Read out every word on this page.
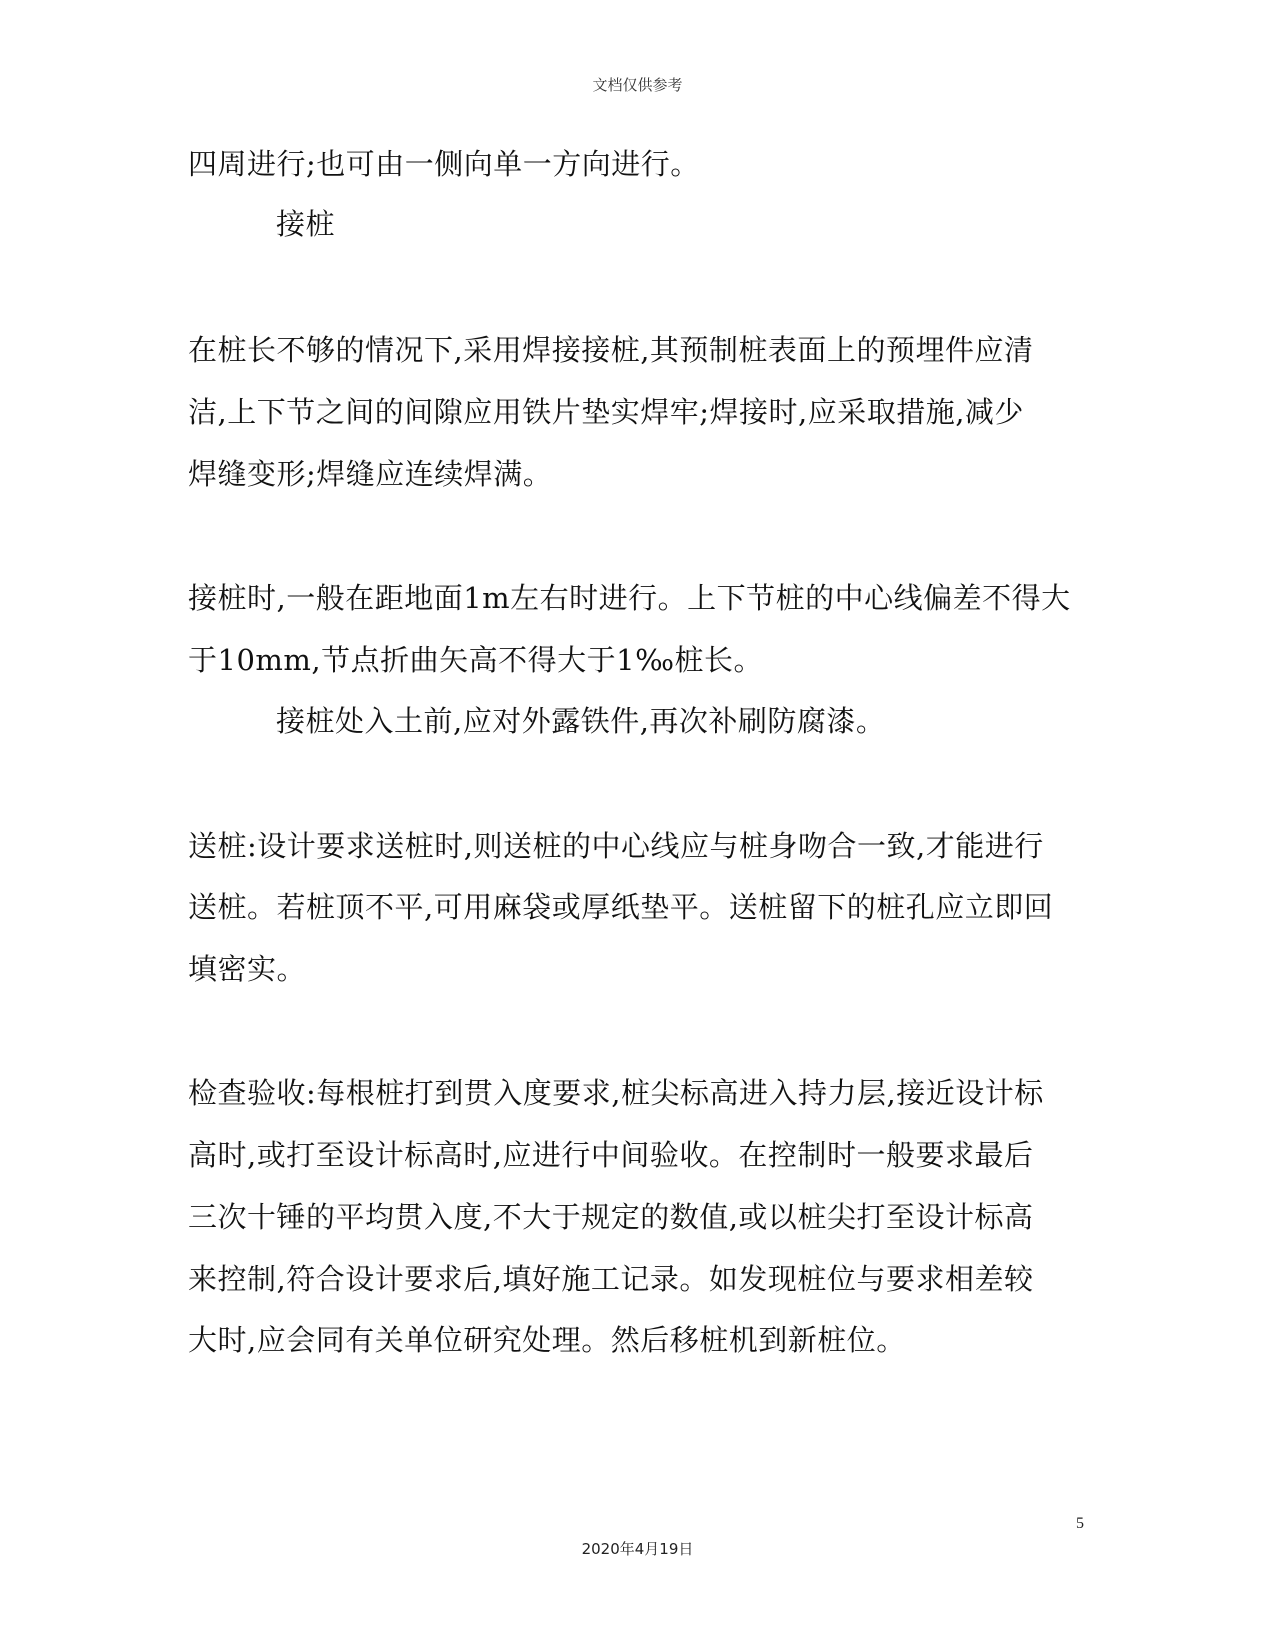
文档仅供参考
四周进行;也可由一侧向单一方向进行。
接桩
在桩长不够的情况下,采用焊接接桩,其预制桩表面上的预埋件应清
洁,上下节之间的间隙应用铁片垫实焊牢;焊接时,应采取措施,减少
焊缝变形;焊缝应连续焊满。
接桩时,一般在距地面1m左右时进行。上下节桩的中心线偏差不得大
于10mm,节点折曲矢高不得大于1‰桩长。
接桩处入土前,应对外露铁件,再次补刷防腐漆。
送桩:设计要求送桩时,则送桩的中心线应与桩身吻合一致,才能进行
送桩。若桩顶不平,可用麻袋或厚纸垫平。送桩留下的桩孔应立即回
填密实。
检查验收:每根桩打到贯入度要求,桩尖标高进入持力层,接近设计标
高时,或打至设计标高时,应进行中间验收。在控制时一般要求最后
三次十锤的平均贯入度,不大于规定的数值,或以桩尖打至设计标高
来控制,符合设计要求后,填好施工记录。如发现桩位与要求相差较
大时,应会同有关单位研究处理。然后移桩机到新桩位。
5
2020年4月19日
